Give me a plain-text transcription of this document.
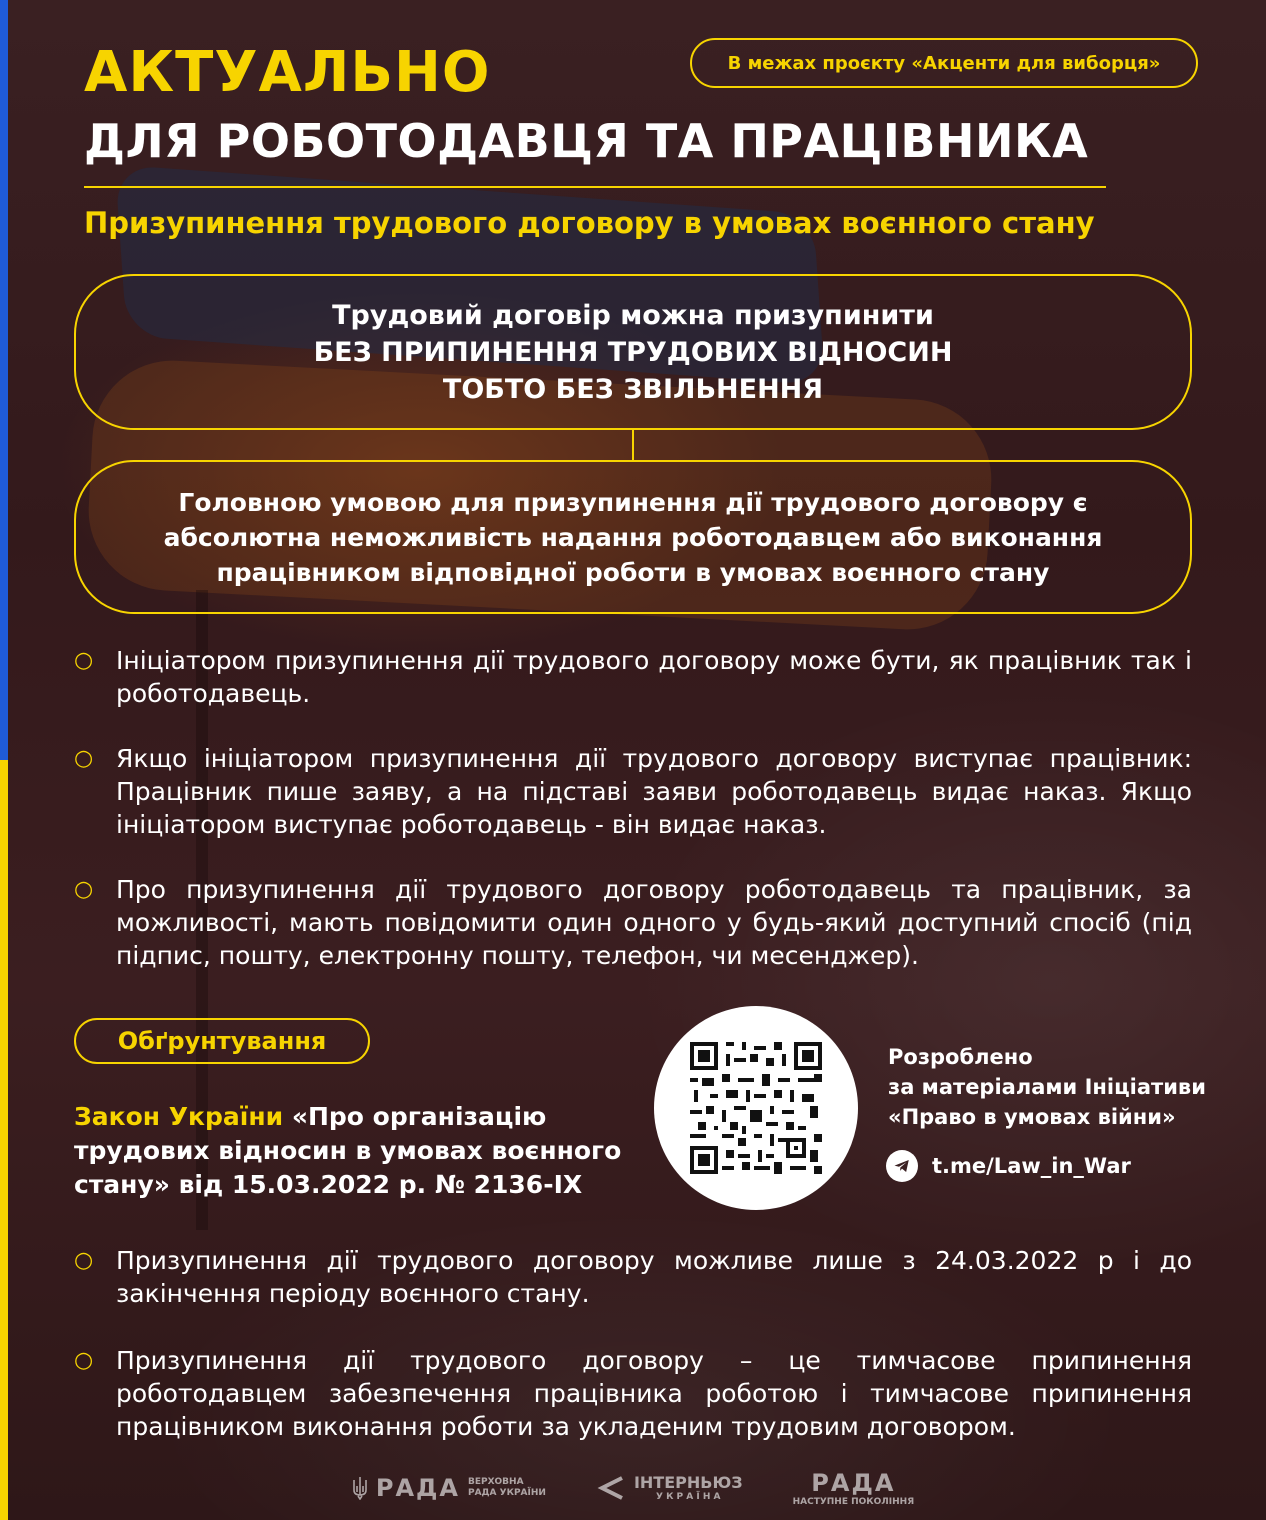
АКТУАЛЬНО
ДЛЯ РОБОТОДАВЦЯ ТА ПРАЦІВНИКА
В межах проєкту «Акценти для виборця»
Призупинення трудового договору в умовах воєнного стану
Трудовий договір можна призупинити
БЕЗ ПРИПИНЕННЯ ТРУДОВИХ ВІДНОСИН
ТОБТО БЕЗ ЗВІЛЬНЕННЯ
Головною умовою для призупинення дії трудового договору є
абсолютна неможливість надання роботодавцем або виконання
працівником відповідної роботи в умовах воєнного стану
○ Ініціатором призупинення дії трудового договору може бути, як працівник так і роботодавець.
○ Якщо ініціатором призупинення дії трудового договору виступає працівник: Працівник пише заяву, а на підставі заяви роботодавець видає наказ. Якщо ініціатором виступає роботодавець - він видає наказ.
○ Про призупинення дії трудового договору роботодавець та працівник, за можливості, мають повідомити один одного у будь-який доступний спосіб (під підпис, пошту, електронну пошту, телефон, чи месенджер).
Обґрунтування
Закон України «Про організацію трудових відносин в умовах воєнного стану» від 15.03.2022 р. № 2136-IX
Розроблено
за матеріалами Ініціативи
«Право в умовах війни»
t.me/Law_in_War
○ Призупинення дії трудового договору можливе лише з 24.03.2022 р і до закінчення періоду воєнного стану.
○ Призупинення дії трудового договору – це тимчасове припинення роботодавцем забезпечення працівника роботою і тимчасове припинення працівником виконання роботи за укладеним трудовим договором.
РАДА ВЕРХОВНА
РАДА УКРАЇНИ
ІНТЕРНЬЮЗ
У К Р А Ї Н А
РАДА
НАСТУПНЕ ПОКОЛІННЯ
